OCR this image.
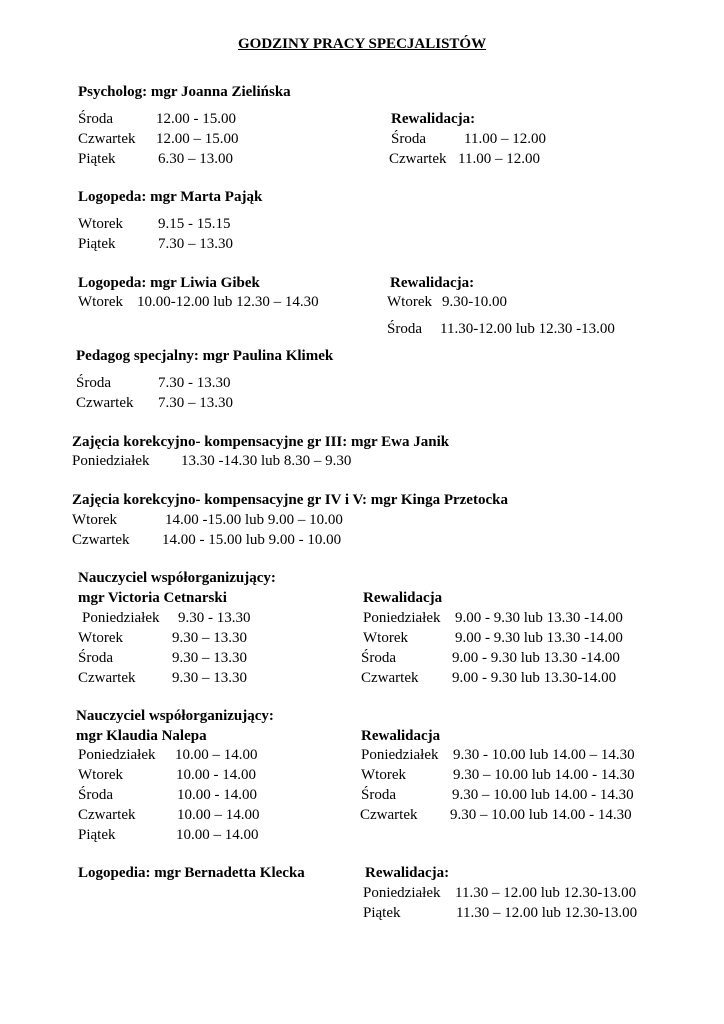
GODZINY PRACY SPECJALISTÓW
Psycholog: mgr Joanna Zielińska
Środa	12.00 - 15.00
Czwartek 12.00 – 15.00
Piątek	6.30 – 13.00
Rewalidacja:
Środa	11.00 – 12.00
Czwartek 11.00 – 12.00
Logopeda: mgr Marta Pająk
Wtorek 9.15 - 15.15
Piątek	7.30 – 13.30
Logopeda: mgr Liwia Gibek
Wtorek 10.00-12.00 lub 12.30 – 14.30
Rewalidacja:
Wtorek 9.30-10.00
Środa 11.30-12.00 lub 12.30 -13.00
Pedagog specjalny: mgr Paulina Klimek
Środa	7.30 - 13.30
Czwartek 7.30 – 13.30
Zajęcia korekcyjno- kompensacyjne gr III: mgr Ewa Janik
Poniedziałek 13.30 -14.30 lub 8.30 – 9.30
Zajęcia korekcyjno- kompensacyjne gr IV i V: mgr Kinga Przetocka
Wtorek	14.00 -15.00 lub 9.00 – 10.00
Czwartek 14.00 - 15.00 lub 9.00 - 10.00
Nauczyciel współorganizujący:
mgr Victoria Cetnarski
Poniedziałek 9.30 - 13.30
Wtorek	9.30 – 13.30
Środa	9.30 – 13.30
Czwartek 9.30 – 13.30
Rewalidacja
Poniedziałek 9.00 - 9.30 lub 13.30 -14.00
Wtorek	9.00 - 9.30 lub 13.30 -14.00
Środa	9.00 - 9.30 lub 13.30 -14.00
Czwartek 9.00 - 9.30 lub 13.30-14.00
Nauczyciel współorganizujący:
mgr Klaudia Nalepa
Poniedziałek 10.00 – 14.00
Wtorek	10.00 - 14.00
Środa	10.00 - 14.00
Czwartek	10.00 – 14.00
Piątek	10.00 – 14.00
Rewalidacja
Poniedziałek 9.30 - 10.00 lub 14.00 – 14.30
Wtorek	9.30 – 10.00 lub 14.00 - 14.30
Środa	9.30 – 10.00 lub 14.00 - 14.30
Czwartek 9.30 – 10.00 lub 14.00 - 14.30
Logopedia: mgr Bernadetta Klecka	Rewalidacja:
Poniedziałek 11.30 – 12.00 lub 12.30-13.00
Piątek	11.30 – 12.00 lub 12.30-13.00
